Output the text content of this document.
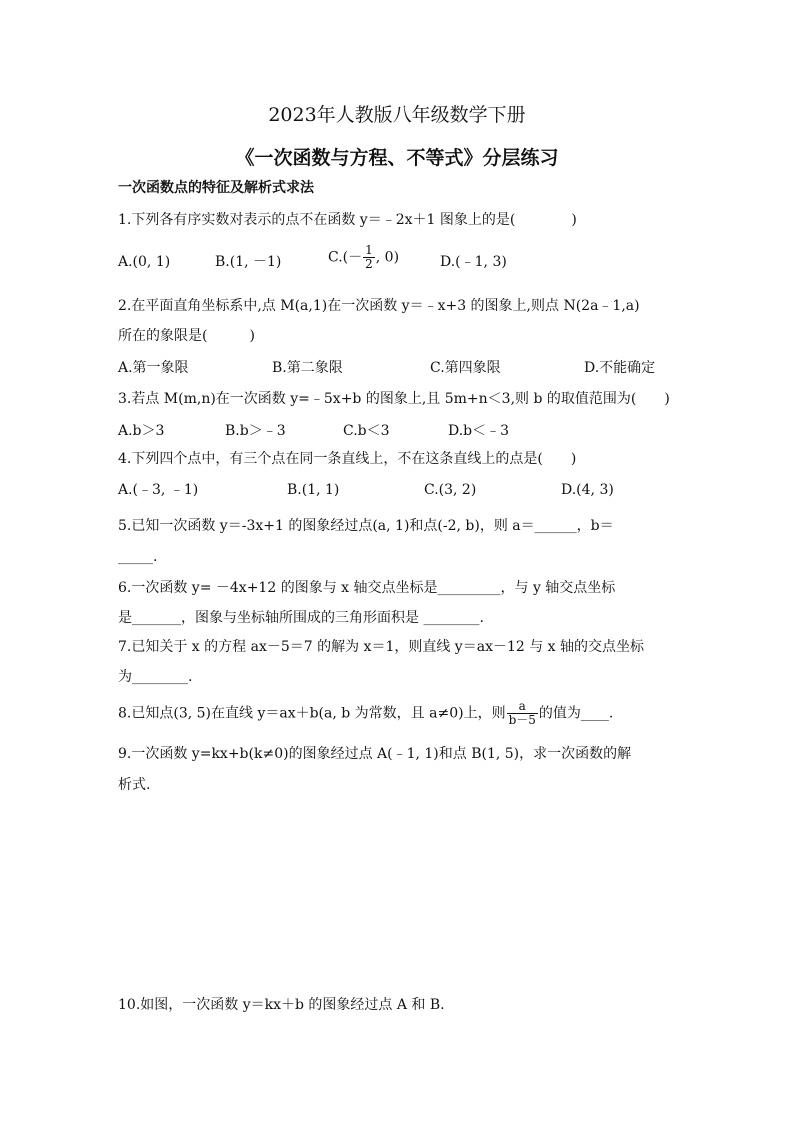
2023年人教版八年级数学下册
《一次函数与方程、不等式》分层练习
一次函数点的特征及解析式求法
1.下列各有序实数对表示的点不在函数 y＝﹣2x＋1 图象上的是(　　　　)
A.(0, 1)	B.(1, －1)	$C.(- \frac{1}{2}$ , 0)	D.(﹣1, 3)
2.在平面直角坐标系中,点 M(a,1)在一次函数 y＝﹣x+3 的图象上,则点 N(2a﹣1,a)
所在的象限是(　　　)
A.第一象限	B.第二象限	C.第四象限	D.不能确定
3.若点 M(m,n)在一次函数 y=﹣5x+b 的图象上,且 5m+n＜3,则 b 的取值范围为(　　)
A.b＞3	B.b＞﹣3	C.b＜3	D.b＜﹣3
4.下列四个点中，有三个点在同一条直线上，不在这条直线上的点是(　　)
A.(﹣3, ﹣1)	B.(1, 1)	C.(3, 2)	D.(4, 3)
5.已知一次函数 y＝-3x+1 的图象经过点(a, 1)和点(-2, b)，则 a＝______，b＝
_____.
6.一次函数 y= －4x+12 的图象与 x 轴交点坐标是_________，与 y 轴交点坐标
是_______，图象与坐标轴所围成的三角形面积是 ________.
7.已知关于 x 的方程 ax－5＝7 的解为 x＝1，则直线 y＝ax－12 与 x 轴的交点坐标
为________.
8.已知点(3, 5)在直线 y＝ax＋b(a, b 为常数，且 a≠0)上，则 $\frac{a}{b-5}$ 的值为____.
9.一次函数 y=kx+b(k≠0)的图象经过点 A(﹣1, 1)和点 B(1, 5)，求一次函数的解
析式.
10.如图，一次函数 y＝kx＋b 的图象经过点 A 和 B.
